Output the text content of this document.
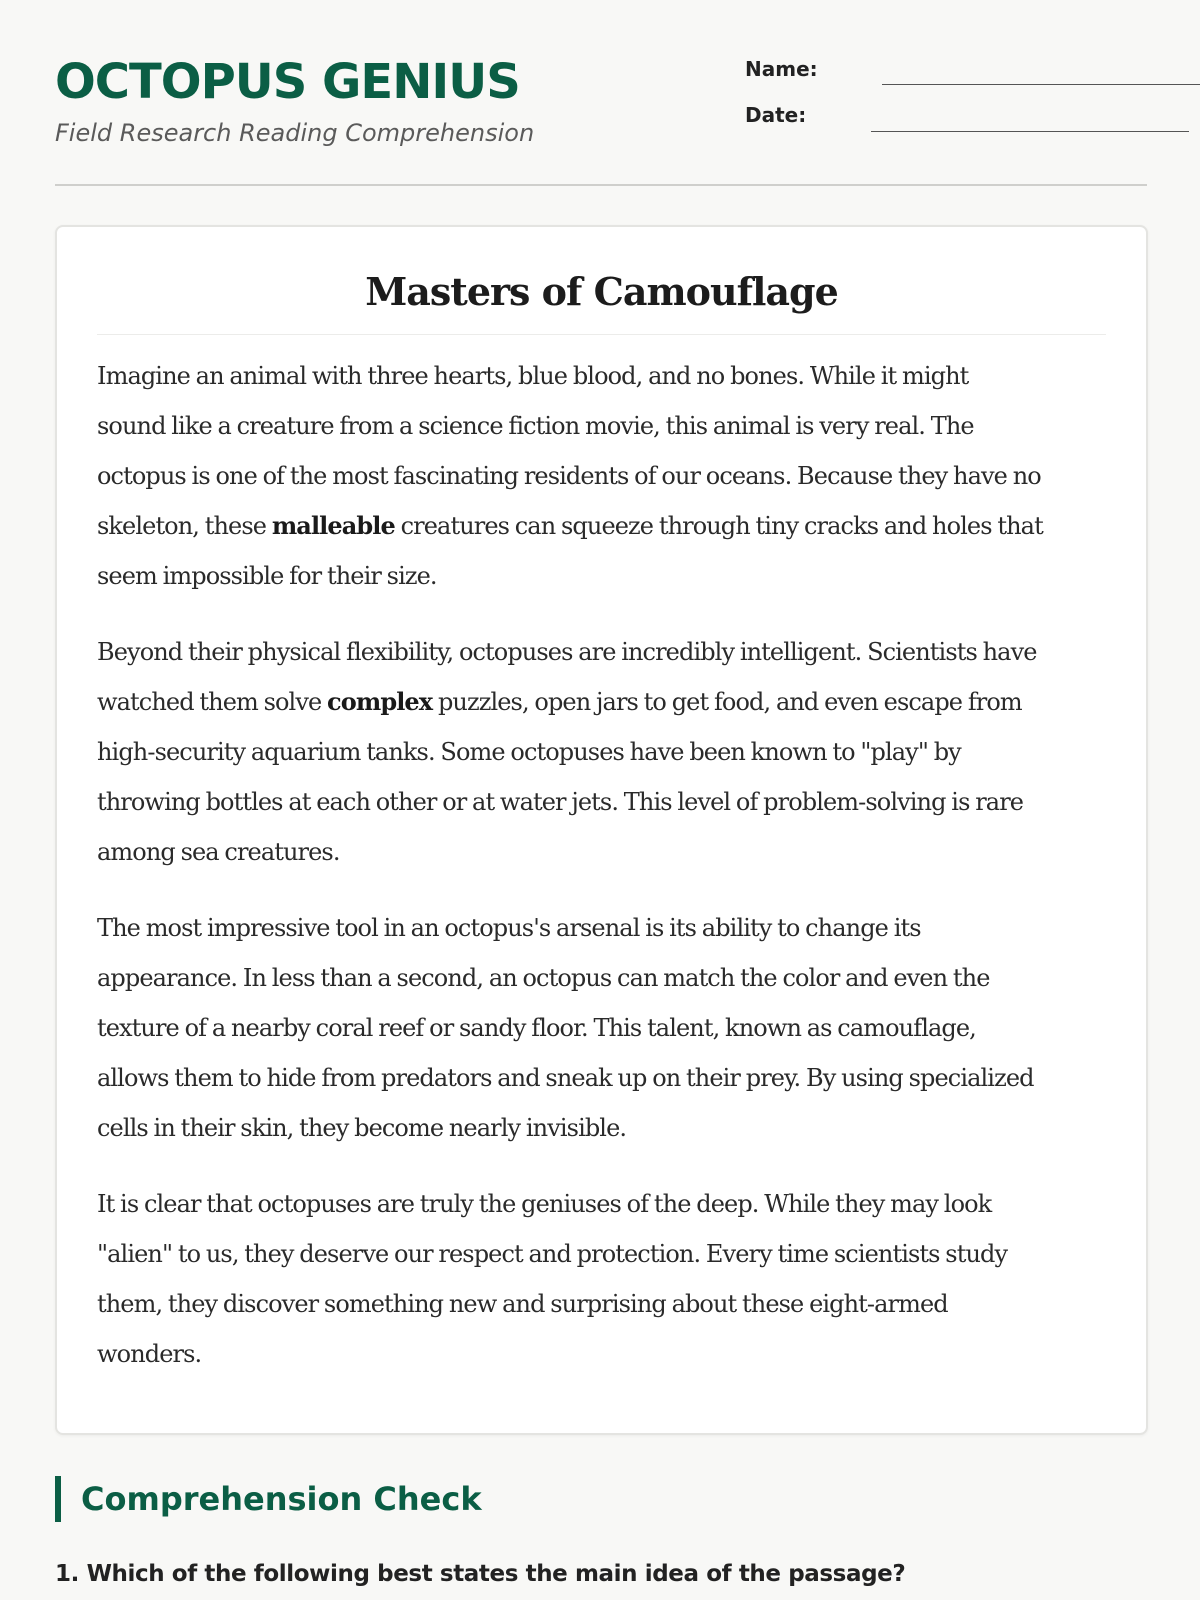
OCTOPUS GENIUS
Field Research Reading Comprehension
Name:
Date:
Masters of Camouflage

Imagine an animal with three hearts, blue blood, and no bones. While it might
sound like a creature from a science fiction movie, this animal is very real. The
octopus is one of the most fascinating residents of our oceans. Because they have no
skeleton, these malleable creatures can squeeze through tiny cracks and holes that
seem impossible for their size.

Beyond their physical flexibility, octopuses are incredibly intelligent. Scientists have
watched them solve complex puzzles, open jars to get food, and even escape from
high-security aquarium tanks. Some octopuses have been known to "play" by
throwing bottles at each other or at water jets. This level of problem-solving is rare
among sea creatures.

The most impressive tool in an octopus's arsenal is its ability to change its
appearance. In less than a second, an octopus can match the color and even the
texture of a nearby coral reef or sandy floor. This talent, known as camouflage,
allows them to hide from predators and sneak up on their prey. By using specialized
cells in their skin, they become nearly invisible.

It is clear that octopuses are truly the geniuses of the deep. While they may look
"alien" to us, they deserve our respect and protection. Every time scientists study
them, they discover something new and surprising about these eight-armed
wonders.

Comprehension Check
1. Which of the following best states the main idea of the passage?
